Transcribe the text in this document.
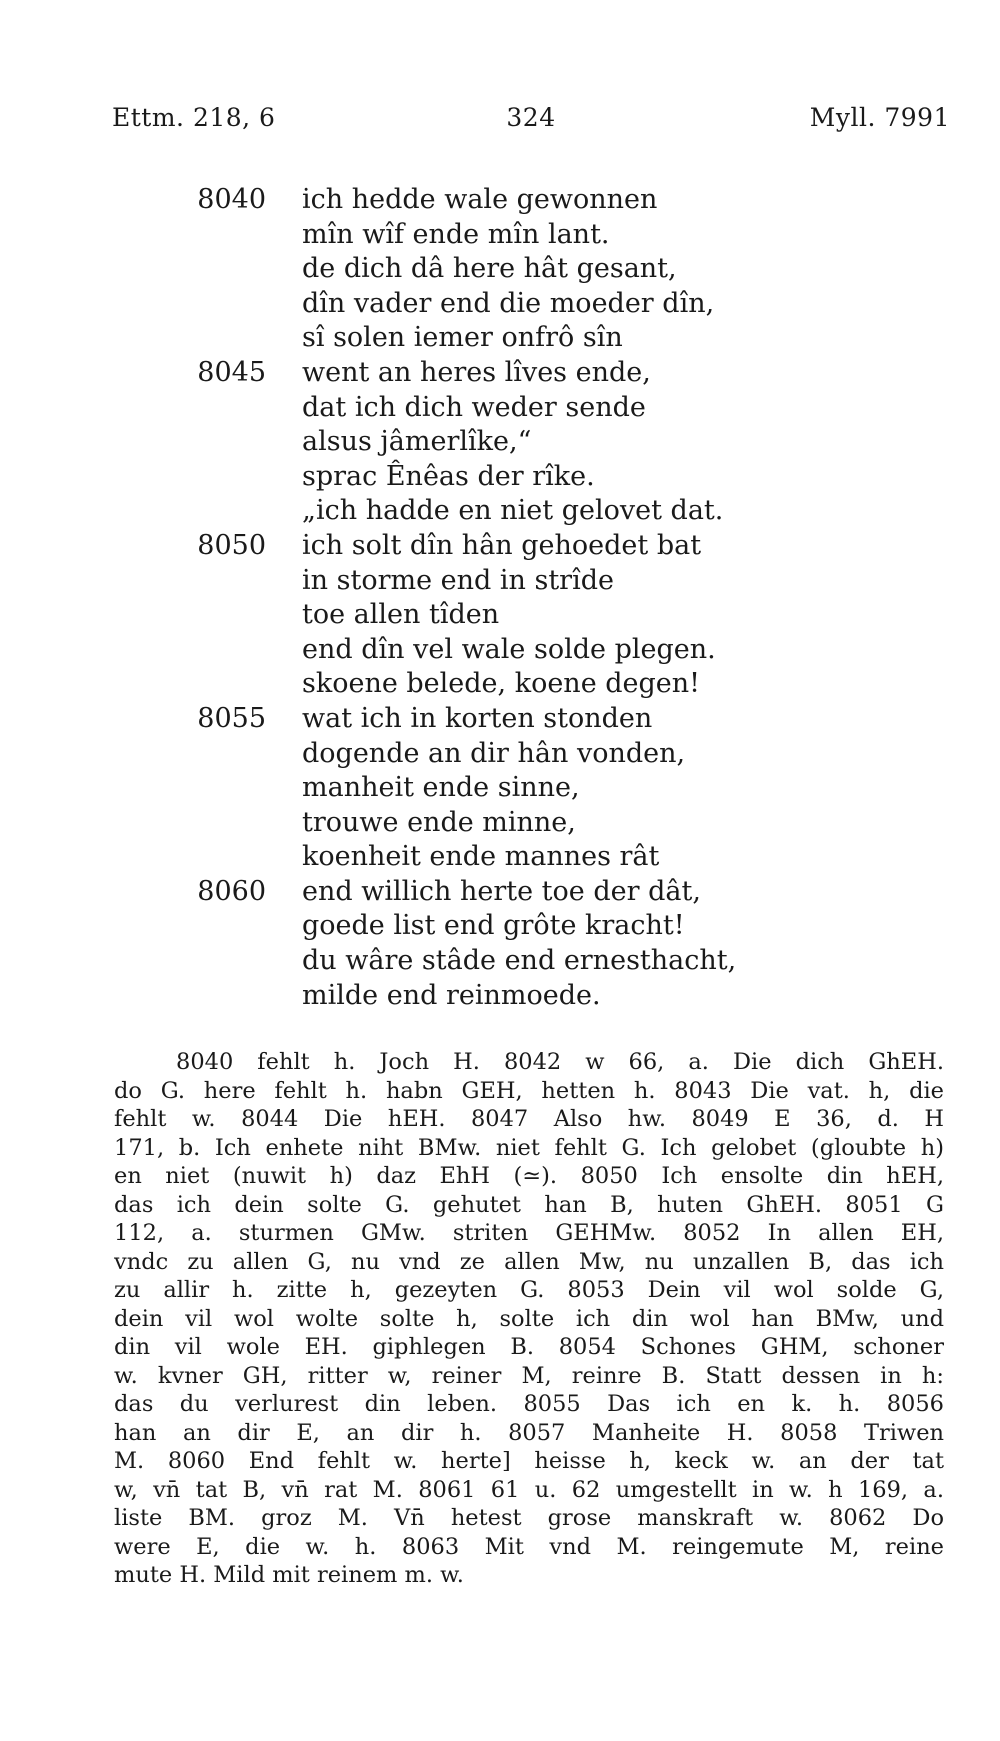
Ettm. 218, 6	324	Myll. 7991
8040 ich hedde wale gewonnen
mîn wîf ende mîn lant.
de dich dâ here hât gesant,
dîn vader end die moeder dîn,
sî solen iemer onfrô sîn
8045 went an heres lîves ende,
dat ich dich weder sende
alsus jâmerlîke,“
sprac Ênêas der rîke.
„ich hadde en niet gelovet dat.
8050 ich solt dîn hân gehoedet bat
in storme end in strîde
toe allen tîden
end dîn vel wale solde plegen.
skoene belede, koene degen!
8055 wat ich in korten stonden
dogende an dir hân vonden,
manheit ende sinne,
trouwe ende minne,
koenheit ende mannes rât
8060 end willich herte toe der dât,
goede list end grôte kracht!
du wâre stâde end ernesthacht,
milde end reinmoede.
8040 fehlt h. Joch H. 8042 w 66, a. Die dich GhEH.
do G. here fehlt h. habn GEH, hetten h. 8043 Die vat. h, die
fehlt w. 8044 Die hEH. 8047 Also hw. 8049 E 36, d. H
171, b. Ich enhete niht BMw. niet fehlt G. Ich gelobet (gloubte h)
en niet (nuwit h) daz EhH (≃). 8050 Ich ensolte din hEH,
das ich dein solte G. gehutet han B, huten GhEH. 8051 G
112, a. sturmen GMw. striten GEHMw. 8052 In allen EH,
vndc zu allen G, nu vnd ze allen Mw, nu unzallen B, das ich
zu allir h. zitte h, gezeyten G. 8053 Dein vil wol solde G,
dein vil wol wolte solte h, solte ich din wol han BMw, und
din vil wole EH. giphlegen B. 8054 Schones GHM, schoner
w. kvner GH, ritter w, reiner M, reinre B. Statt dessen in h:
das du verlurest din leben. 8055 Das ich en k. h. 8056
han an dir E, an dir h. 8057 Manheite H. 8058 Triwen
M. 8060 End fehlt w. herte] heisse h, keck w. an der tat
w, vn̄ tat B, vn̄ rat M. 8061 61 u. 62 umgestellt in w. h 169, a.
liste BM. groz M. Vn̄ hetest grose manskraft w. 8062 Do
were E, die w. h. 8063 Mit vnd M. reingemute M, reine
mute H. Mild mit reinem m. w.
